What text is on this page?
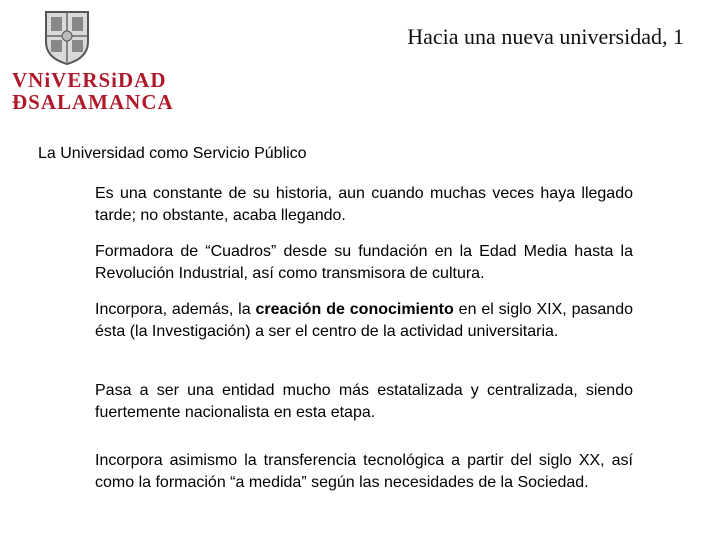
VNiVERSiDAD
ÐSALAMANCA
Hacia una nueva universidad, 1
La Universidad como Servicio Público

Es una constante de su historia, aun cuando muchas veces haya llegado tarde; no obstante, acaba llegando.

Formadora de “Cuadros” desde su fundación en la Edad Media hasta la Revolución Industrial, así como transmisora de cultura.

Incorpora, además, la creación de conocimiento en el siglo XIX, pasando ésta (la Investigación) a ser el centro de la actividad universitaria.

Pasa a ser una entidad mucho más estatalizada y centralizada, siendo fuertemente nacionalista en esta etapa.

Incorpora asimismo la transferencia tecnológica a partir del siglo XX, así como la formación “a medida” según las necesidades de la Sociedad.
